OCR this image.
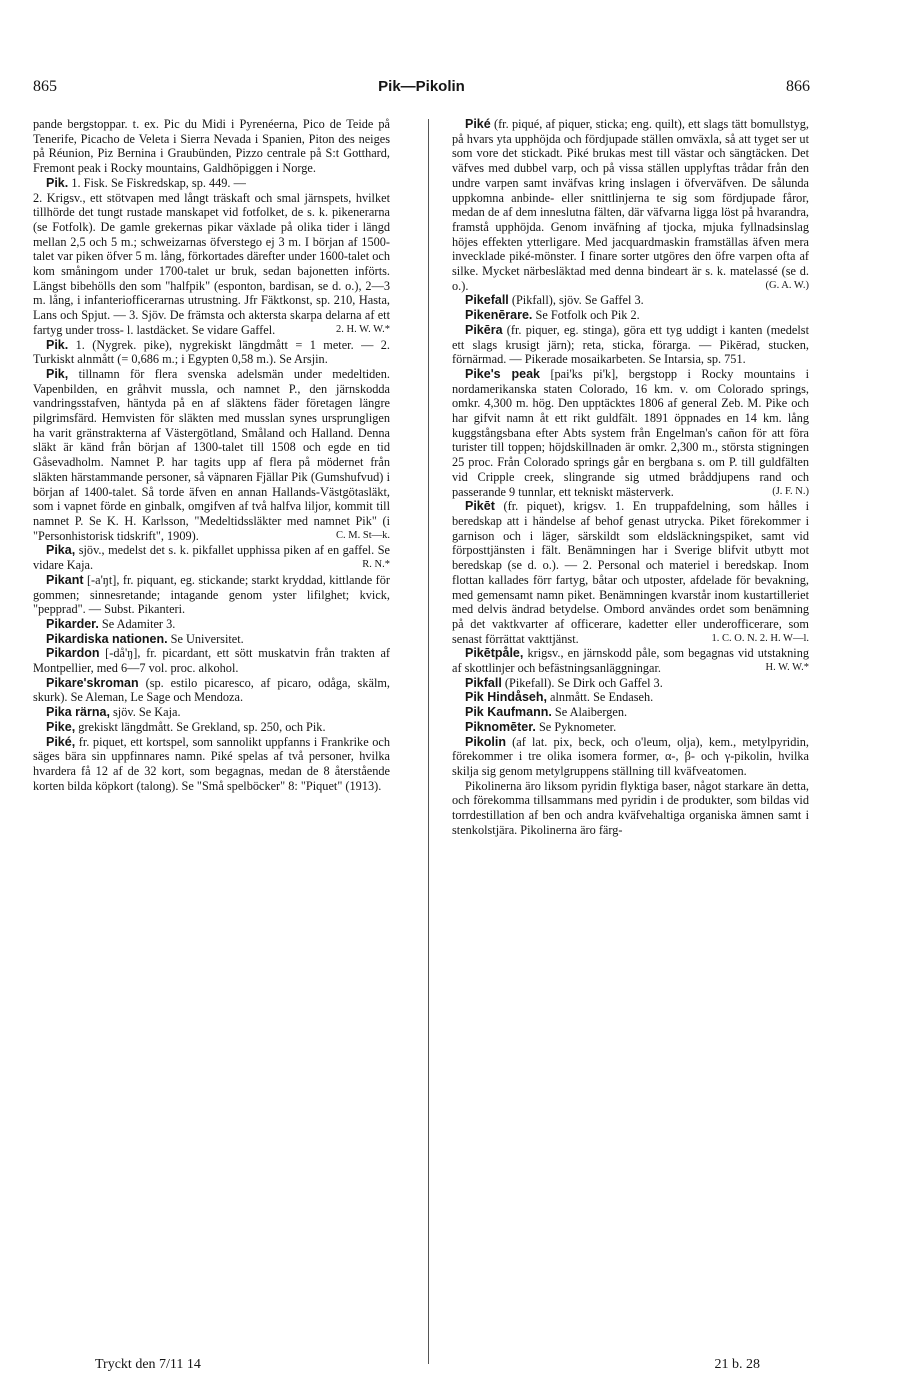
865	Pik—Pikolin	866

pande bergstoppar. t. ex. Pic du Midi i Pyrenéerna, Pico de Teide på Tenerife, Picacho de Veleta i Sierra Nevada i Spanien, Piton des neiges på Réunion, Piz Bernina i Graubünden, Pizzo centrale på S:t Gotthard, Fremont peak i Rocky mountains, Galdhöpiggen i Norge.

Pik. 1. Fisk. Se Fiskredskap, sp. 449. —

2. Krigsv., ett stötvapen med långt träskaft och smal järnspets, hvilket tillhörde det tungt rustade manskapet vid fotfolket, de s. k. pikenerarna (se Fotfolk). De gamle grekernas pikar växlade på olika tider i längd mellan 2,5 och 5 m.; schweizarnas öfverstego ej 3 m. I början af 1500-talet var piken öfver 5 m. lång, förkortades därefter under 1600-talet och kom småningom under 1700-talet ur bruk, sedan bajonetten införts. Längst bibehölls den som "halfpik" (esponton, bardisan, se d. o.), 2—3 m. lång, i infanteriofficerarnas utrustning. Jfr Fäktkonst, sp. 210, Hasta, Lans och Spjut. — 3. Sjöv. De främsta och aktersta skarpa delarna af ett fartyg under tross- l. lastdäcket. Se vidare Gaffel.	2. H. W. W.*

Pik. 1. (Nygrek. pike), nygrekiskt längdmått = 1 meter. — 2. Turkiskt alnmått (= 0,686 m.; i Egypten 0,58 m.). Se Arsjin.

Pik, tillnamn för flera svenska adelsmän under medeltiden. Vapenbilden, en gråhvit mussla, och namnet P., den järnskodda vandringsstafven, häntyda på en af släktens fäder företagen längre pilgrimsfärd. Hemvisten för släkten med musslan synes ursprungligen ha varit gränstrakterna af Västergötland, Småland och Halland. Denna släkt är känd från början af 1300-talet till 1508 och egde en tid Gåsevadholm. Namnet P. har tagits upp af flera på mödernet från släkten härstammande personer, så väpnaren Fjällar Pik (Gumshufvud) i början af 1400-talet. Så torde äfven en annan Hallands-Västgötasläkt, som i vapnet förde en ginbalk, omgifven af två halfva liljor, kommit till namnet P. Se K. H. Karlsson, "Medeltidssläkter med namnet Pik" (i "Personhistorisk tidskrift", 1909).	C. M. St—k.

Pika, sjöv., medelst det s. k. pikfallet upphissa piken af en gaffel. Se vidare Kaja.	R. N.*

Pikant [-a'ŋt], fr. piquant, eg. stickande; starkt kryddad, kittlande för gommen; sinnesretande; intagande genom yster lifilghet; kvick, "pepprad". — Subst. Pikanteri.

Pikarder. Se Adamiter 3.

Pikardiska nationen. Se Universitet.

Pikardon [-då'ŋ], fr. picardant, ett sött muskatvin från trakten af Montpellier, med 6—7 vol. proc. alkohol.

Pikare'skroman (sp. estilo picaresco, af picaro, odåga, skälm, skurk). Se Aleman, Le Sage och Mendoza.

Pika rärna, sjöv. Se Kaja.

Pike, grekiskt längdmått. Se Grekland, sp. 250, och Pik.

Piké, fr. piquet, ett kortspel, som sannolikt uppfanns i Frankrike och säges bära sin uppfinnares namn. Piké spelas af två personer, hvilka hvardera få 12 af de 32 kort, som begagnas, medan de 8 återstående korten bilda köpkort (talong). Se "Små spelböcker" 8: "Piquet" (1913).

Piké (fr. piqué, af piquer, sticka; eng. quilt), ett slags tätt bomullstyg, på hvars yta upphöjda och fördjupade ställen omväxla, så att tyget ser ut som vore det stickadt. Piké brukas mest till västar och sängtäcken. Det väfves med dubbel varp, och på vissa ställen upplyftas trådar från den undre varpen samt inväfvas kring inslagen i öfverväfven. De sålunda uppkomna anbinde- eller snittlinjerna te sig som fördjupade fåror, medan de af dem inneslutna fälten, där väfvarna ligga löst på hvarandra, framstå upphöjda. Genom inväfning af tjocka, mjuka fyllnadsinslag höjes effekten ytterligare. Med jacquardmaskin framställas äfven mera invecklade piké-mönster. I finare sorter utgöres den öfre varpen ofta af silke. Mycket närbesläktad med denna bindeart är s. k. matelassé (se d. o.).	(G. A. W.)

Pikefall (Pikfall), sjöv. Se Gaffel 3.

Pikenērare. Se Fotfolk och Pik 2.

Pikēra (fr. piquer, eg. stinga), göra ett tyg uddigt i kanten (medelst ett slags krusigt järn); reta, sticka, förarga. — Pikērad, stucken, förnärmad. — Pikerade mosaikarbeten. Se Intarsia, sp. 751.

Pike's peak [pai'ks pi'k], bergstopp i Rocky mountains i nordamerikanska staten Colorado, 16 km. v. om Colorado springs, omkr. 4,300 m. hög. Den upptäcktes 1806 af general Zeb. M. Pike och har gifvit namn åt ett rikt guldfält. 1891 öppnades en 14 km. lång kuggstångsbana efter Abts system från Engelman's cañon för att föra turister till toppen; höjdskillnaden är omkr. 2,300 m., största stigningen 25 proc. Från Colorado springs går en bergbana s. om P. till guldfälten vid Cripple creek, slingrande sig utmed bråddjupens rand och passerande 9 tunnlar, ett tekniskt mästerverk.	(J. F. N.)

Pikēt (fr. piquet), krigsv. 1. En truppafdelning, som hålles i beredskap att i händelse af behof genast utrycka. Piket förekommer i garnison och i läger, särskildt som eldsläckningspiket, samt vid förposttjänsten i fält. Benämningen har i Sverige blifvit utbytt mot beredskap (se d. o.). — 2. Personal och materiel i beredskap. Inom flottan kallades förr fartyg, båtar och utposter, afdelade för bevakning, med gemensamt namn piket. Benämningen kvarstår inom kustartilleriet med delvis ändrad betydelse. Ombord användes ordet som benämning på det vaktkvarter af officerare, kadetter eller underofficerare, som senast förrättat vakttjänst.	1. C. O. N. 2. H. W—l.

Pikētpåle, krigsv., en järnskodd påle, som begagnas vid utstakning af skottlinjer och befästningsanläggningar.	H. W. W.*

Pikfall (Pikefall). Se Dirk och Gaffel 3.

Pik Hindåseh, alnmått. Se Endaseh.

Pik Kaufmann. Se Alaibergen.

Piknomēter. Se Pyknometer.

Pikolin (af lat. pix, beck, och o'leum, olja), kem., metylpyridin, förekommer i tre olika isomera former, α-, β- och γ-pikolin, hvilka skilja sig genom metylgruppens ställning till kväfveatomen.

Pikolinerna äro liksom pyridin flyktiga baser, något starkare än detta, och förekomma tillsammans med pyridin i de produkter, som bildas vid torrdestillation af ben och andra kväfvehaltiga organiska ämnen samt i stenkolstjära. Pikolinerna äro färg-

Tryckt den 7/11 14	21 b. 28
